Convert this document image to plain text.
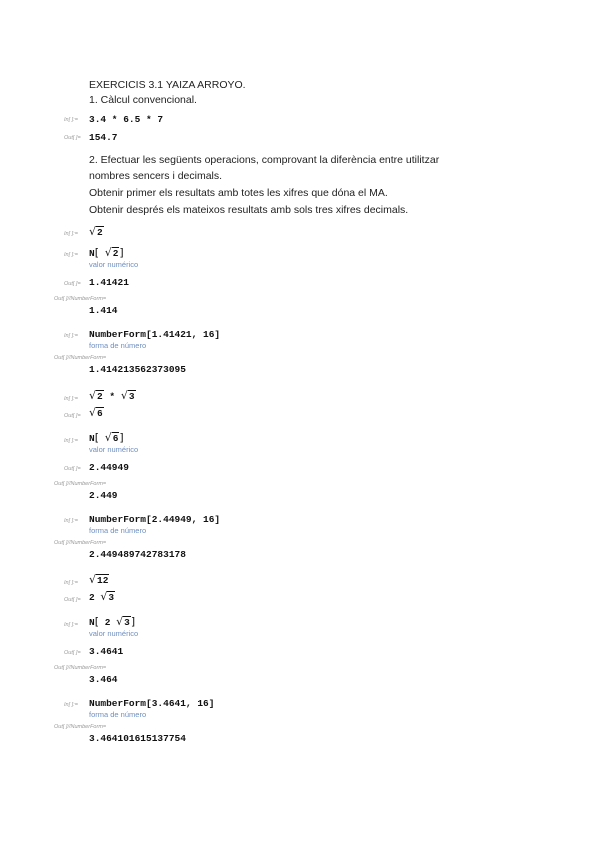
EXERCICIS 3.1 YAIZA ARROYO.
1. Càlcul convencional.
In[ ]:= 3.4 * 6.5 * 7
Out[ ]= 154.7
2. Efectuar les següents operacions, comprovant la diferència entre utilitzar
nombres sencers i decimals.
Obtenir primer els resultats amb totes les xifres que dóna el MA.
Obtenir després els mateixos resultats amb sols tres xifres decimals.
In[ ]:= √2
In[ ]:= N[ √2]
valor numérico
Out[ ]= 1.41421
Out[ ]//NumberForm=
1.414
In[ ]:= NumberForm[1.41421, 16]
forma de número
Out[ ]//NumberForm=
1.414213562373095
In[ ]:= √2 * √3
Out[ ]= √6
In[ ]:= N[ √6]
valor numérico
Out[ ]= 2.44949
Out[ ]//NumberForm=
2.449
In[ ]:= NumberForm[2.44949, 16]
forma de número
Out[ ]//NumberForm=
2.449489742783178
In[ ]:= √12
Out[ ]= 2 √3
In[ ]:= N[ 2 √3]
valor numérico
Out[ ]= 3.4641
Out[ ]//NumberForm=
3.464
In[ ]:= NumberForm[3.4641, 16]
forma de número
Out[ ]//NumberForm=
3.464101615137754
